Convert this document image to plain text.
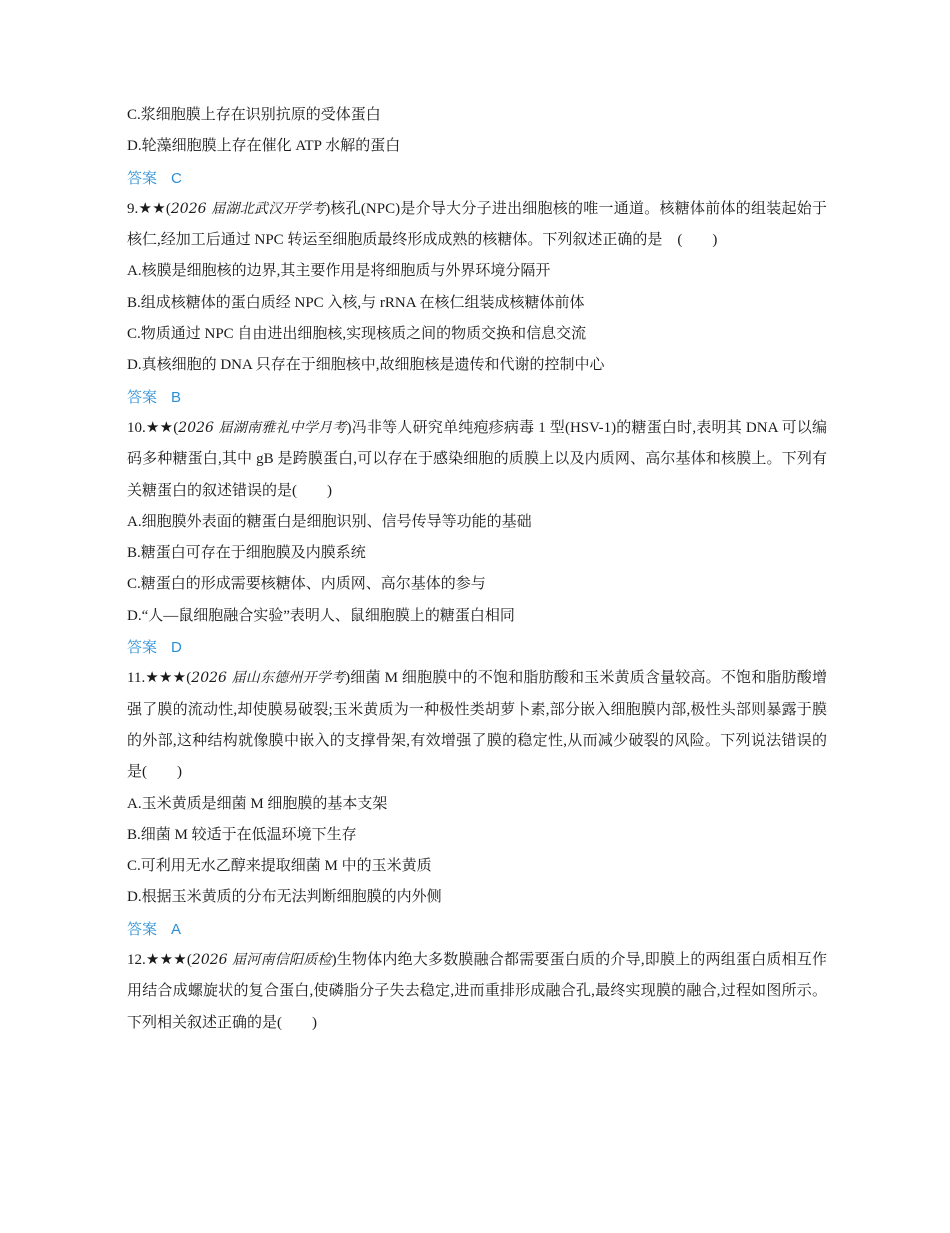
C.浆细胞膜上存在识别抗原的受体蛋白
D.轮藻细胞膜上存在催化 ATP 水解的蛋白
答案 C
9.★★(2026 届湖北武汉开学考)核孔(NPC)是介导大分子进出细胞核的唯一通道。核糖体前体的组装起始于核仁,经加工后通过 NPC 转运至细胞质最终形成成熟的核糖体。下列叙述正确的是　(　　)
A.核膜是细胞核的边界,其主要作用是将细胞质与外界环境分隔开
B.组成核糖体的蛋白质经 NPC 入核,与 rRNA 在核仁组装成核糖体前体
C.物质通过 NPC 自由进出细胞核,实现核质之间的物质交换和信息交流
D.真核细胞的 DNA 只存在于细胞核中,故细胞核是遗传和代谢的控制中心
答案 B
10.★★(2026 届湖南雅礼中学月考)冯非等人研究单纯疱疹病毒 1 型(HSV-1)的糖蛋白时,表明其 DNA 可以编码多种糖蛋白,其中 gB 是跨膜蛋白,可以存在于感染细胞的质膜上以及内质网、高尔基体和核膜上。下列有关糖蛋白的叙述错误的是(　　)
A.细胞膜外表面的糖蛋白是细胞识别、信号传导等功能的基础
B.糖蛋白可存在于细胞膜及内膜系统
C.糖蛋白的形成需要核糖体、内质网、高尔基体的参与
D.“人—鼠细胞融合实验”表明人、鼠细胞膜上的糖蛋白相同
答案 D
11.★★★(2026 届山东德州开学考)细菌 M 细胞膜中的不饱和脂肪酸和玉米黄质含量较高。不饱和脂肪酸增强了膜的流动性,却使膜易破裂;玉米黄质为一种极性类胡萝卜素,部分嵌入细胞膜内部,极性头部则暴露于膜的外部,这种结构就像膜中嵌入的支撑骨架,有效增强了膜的稳定性,从而减少破裂的风险。下列说法错误的是(　　)
A.玉米黄质是细菌 M 细胞膜的基本支架
B.细菌 M 较适于在低温环境下生存
C.可利用无水乙醇来提取细菌 M 中的玉米黄质
D.根据玉米黄质的分布无法判断细胞膜的内外侧
答案 A
12.★★★(2026 届河南信阳质检)生物体内绝大多数膜融合都需要蛋白质的介导,即膜上的两组蛋白质相互作用结合成螺旋状的复合蛋白,使磷脂分子失去稳定,进而重排形成融合孔,最终实现膜的融合,过程如图所示。下列相关叙述正确的是(　　)
